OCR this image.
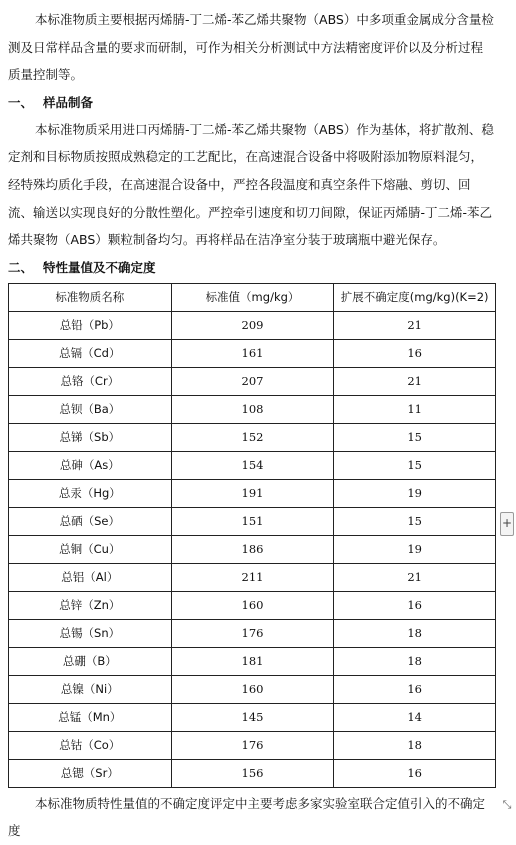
本标准物质主要根据丙烯腈-丁二烯-苯乙烯共聚物（ABS）中多项重金属成分含量检测及日常样品含量的要求而研制，可作为相关分析测试中方法精密度评价以及分析过程质量控制等。

一、 样品制备

本标准物质采用进口丙烯腈-丁二烯-苯乙烯共聚物（ABS）作为基体，将扩散剂、稳定剂和目标物质按照成熟稳定的工艺配比，在高速混合设备中将吸附添加物原料混匀，经特殊均质化手段，在高速混合设备中，严控各段温度和真空条件下熔融、剪切、回流、输送以实现良好的分散性塑化。严控牵引速度和切刀间隙，保证丙烯腈-丁二烯-苯乙烯共聚物（ABS）颗粒制备均匀。再将样品在洁净室分装于玻璃瓶中避光保存。

二、 特性量值及不确定度
标准物质名称	标准值（mg/kg）	扩展不确定度(mg/kg)(K=2)
总铅（Pb）	209	21
总镉（Cd）	161	16
总铬（Cr）	207	21
总钡（Ba）	108	11
总锑（Sb）	152	15
总砷（As）	154	15
总汞（Hg）	191	19
总硒（Se）	151	15
总铜（Cu）	186	19
总铝（Al）	211	21
总锌（Zn）	160	16
总锡（Sn）	176	18
总硼（B）	181	18
总镍（Ni）	160	16
总锰（Mn）	145	14
总钴（Co）	176	18
总锶（Sr）	156	16

本标准物质特性量值的不确定度评定中主要考虑多家实验室联合定值引入的不确定度

+
⤡
